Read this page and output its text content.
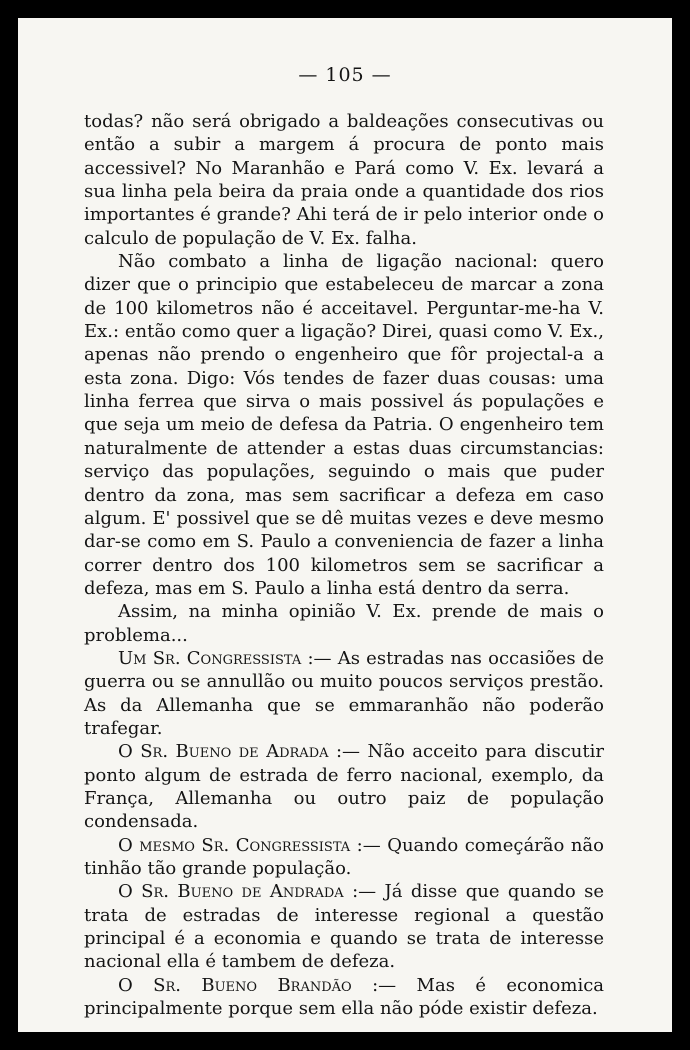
— 105 —

todas? não será obrigado a baldeações consecutivas ou então a subir a margem á procura de ponto mais accessivel? No Maranhão e Pará como V. Ex. levará a sua linha pela beira da praia onde a quantidade dos rios importantes é grande? Ahi terá de ir pelo interior onde o calculo de população de V. Ex. falha.

Não combato a linha de ligação nacional: quero dizer que o principio que estabeleceu de marcar a zona de 100 kilometros não é acceitavel. Perguntar-me-ha V. Ex.: então como quer a ligação? Direi, quasi como V. Ex., apenas não prendo o engenheiro que fôr projectal-a a esta zona. Digo: Vós tendes de fazer duas cousas: uma linha ferrea que sirva o mais possivel ás populações e que seja um meio de defesa da Patria. O engenheiro tem naturalmente de attender a estas duas circumstancias: serviço das populações, seguindo o mais que puder dentro da zona, mas sem sacrificar a defeza em caso algum. E' possivel que se dê muitas vezes e deve mesmo dar-se como em S. Paulo a conveniencia de fazer a linha correr dentro dos 100 kilometros sem se sacrificar a defeza, mas em S. Paulo a linha está dentro da serra.

Assim, na minha opinião V. Ex. prende de mais o problema...

Um Sr. Congressista :— As estradas nas occasiões de guerra ou se annullão ou muito poucos serviços prestão. As da Allemanha que se emmaranhão não poderão trafegar.

O Sr. Bueno de Adrada :— Não acceito para discutir ponto algum de estrada de ferro nacional, exemplo, da França, Allemanha ou outro paiz de população condensada.

O mesmo Sr. Congressista :— Quando começárão não tinhão tão grande população.

O Sr. Bueno de Andrada :— Já disse que quando se trata de estradas de interesse regional a questão principal é a economia e quando se trata de interesse nacional ella é tambem de defeza.

O Sr. Bueno Brandão :— Mas é economica principalmente porque sem ella não póde existir defeza.
